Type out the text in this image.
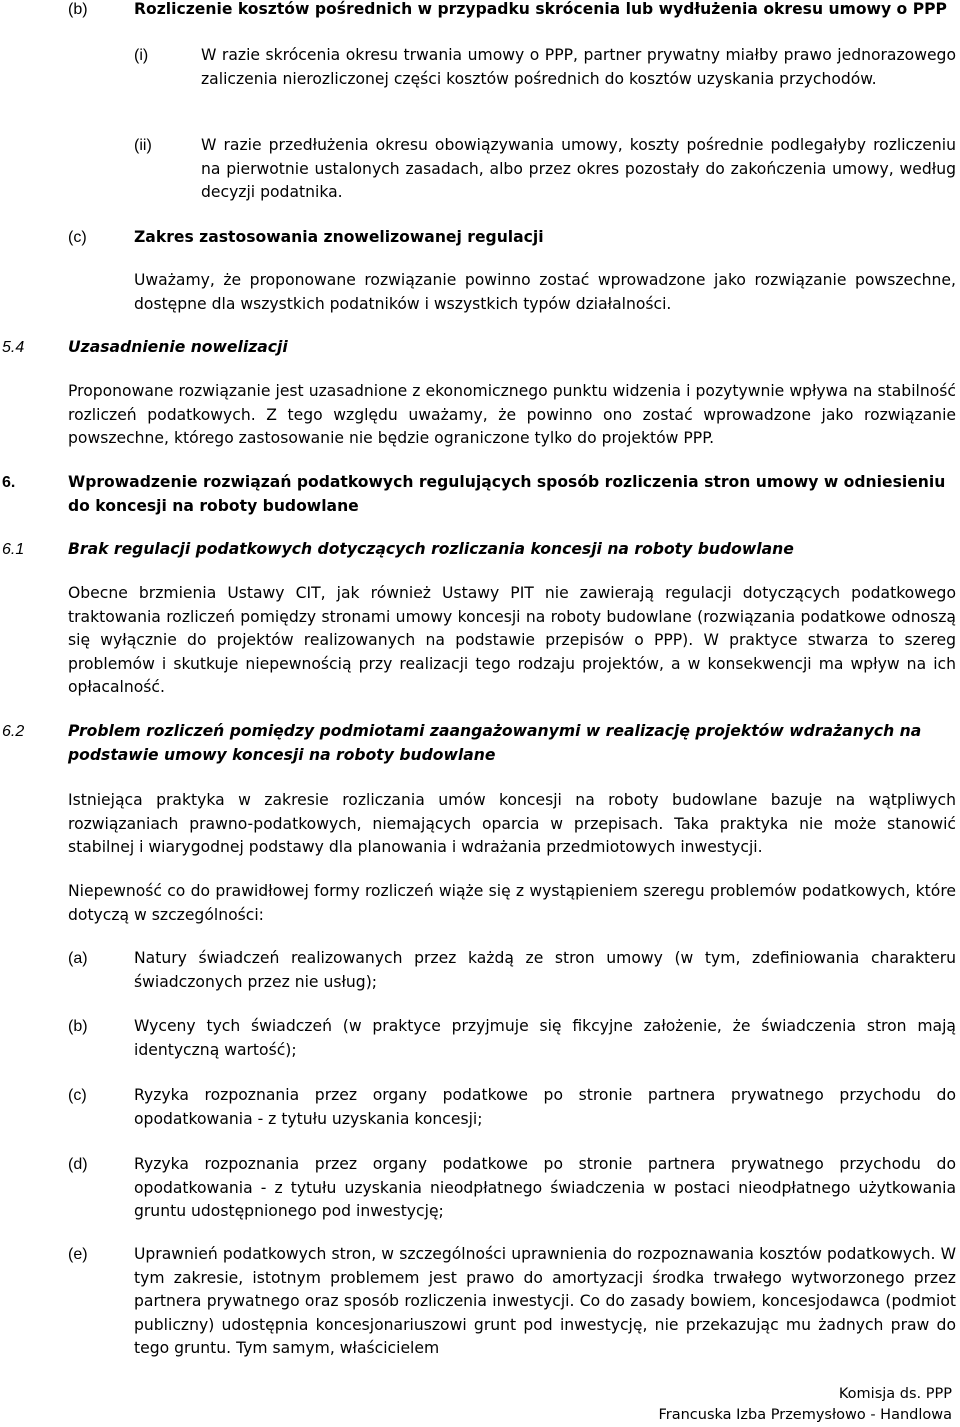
(b)	Rozliczenie kosztów pośrednich w przypadku skrócenia lub wydłużenia okresu umowy o PPP
(i)	W razie skrócenia okresu trwania umowy o PPP, partner prywatny miałby prawo jednorazowego zaliczenia nierozliczonej części kosztów pośrednich do kosztów uzyskania przychodów.

(ii)	W razie przedłużenia okresu obowiązywania umowy, koszty pośrednie podlegałyby rozliczeniu na pierwotnie ustalonych zasadach, albo przez okres pozostały do zakończenia umowy, według decyzji podatnika.

(c)	Zakres zastosowania znowelizowanej regulacji

Uważamy, że proponowane rozwiązanie powinno zostać wprowadzone jako rozwiązanie powszechne, dostępne dla wszystkich podatników i wszystkich typów działalności.

5.4	Uzasadnienie nowelizacji

Proponowane rozwiązanie jest uzasadnione z ekonomicznego punktu widzenia i pozytywnie wpływa na stabilność rozliczeń podatkowych. Z tego względu uważamy, że powinno ono zostać wprowadzone jako rozwiązanie powszechne, którego zastosowanie nie będzie ograniczone tylko do projektów PPP.

6.	Wprowadzenie rozwiązań podatkowych regulujących sposób rozliczenia stron umowy w odniesieniu do koncesji na roboty budowlane

6.1	Brak regulacji podatkowych dotyczących rozliczania koncesji na roboty budowlane

Obecne brzmienia Ustawy CIT, jak również Ustawy PIT nie zawierają regulacji dotyczących podatkowego traktowania rozliczeń pomiędzy stronami umowy koncesji na roboty budowlane (rozwiązania podatkowe odnoszą się wyłącznie do projektów realizowanych na podstawie przepisów o PPP). W praktyce stwarza to szereg problemów i skutkuje niepewnością przy realizacji tego rodzaju projektów, a w konsekwencji ma wpływ na ich opłacalność.

6.2	Problem rozliczeń pomiędzy podmiotami zaangażowanymi w realizację projektów wdrażanych na podstawie umowy koncesji na roboty budowlane

Istniejąca praktyka w zakresie rozliczania umów koncesji na roboty budowlane bazuje na wątpliwych rozwiązaniach prawno-podatkowych, niemających oparcia w przepisach. Taka praktyka nie może stanowić stabilnej i wiarygodnej podstawy dla planowania i wdrażania przedmiotowych inwestycji.

Niepewność co do prawidłowej formy rozliczeń wiąże się z wystąpieniem szeregu problemów podatkowych, które dotyczą w szczególności:

(a)	Natury świadczeń realizowanych przez każdą ze stron umowy (w tym, zdefiniowania charakteru świadczonych przez nie usług);

(b)	Wyceny tych świadczeń (w praktyce przyjmuje się fikcyjne założenie, że świadczenia stron mają identyczną wartość);

(c)	Ryzyka rozpoznania przez organy podatkowe po stronie partnera prywatnego przychodu do opodatkowania - z tytułu uzyskania koncesji;

(d)	Ryzyka rozpoznania przez organy podatkowe po stronie partnera prywatnego przychodu do opodatkowania - z tytułu uzyskania nieodpłatnego świadczenia w postaci nieodpłatnego użytkowania gruntu udostępnionego pod inwestycję;

(e)	Uprawnień podatkowych stron, w szczególności uprawnienia do rozpoznawania kosztów podatkowych. W tym zakresie, istotnym problemem jest prawo do amortyzacji środka trwałego wytworzonego przez partnera prywatnego oraz sposób rozliczenia inwestycji. Co do zasady bowiem, koncesjodawca (podmiot publiczny) udostępnia koncesjonariuszowi grunt pod inwestycję, nie przekazując mu żadnych praw do tego gruntu. Tym samym, właścicielem

Komisja ds. PPP
Francuska Izba Przemysłowo - Handlowa
